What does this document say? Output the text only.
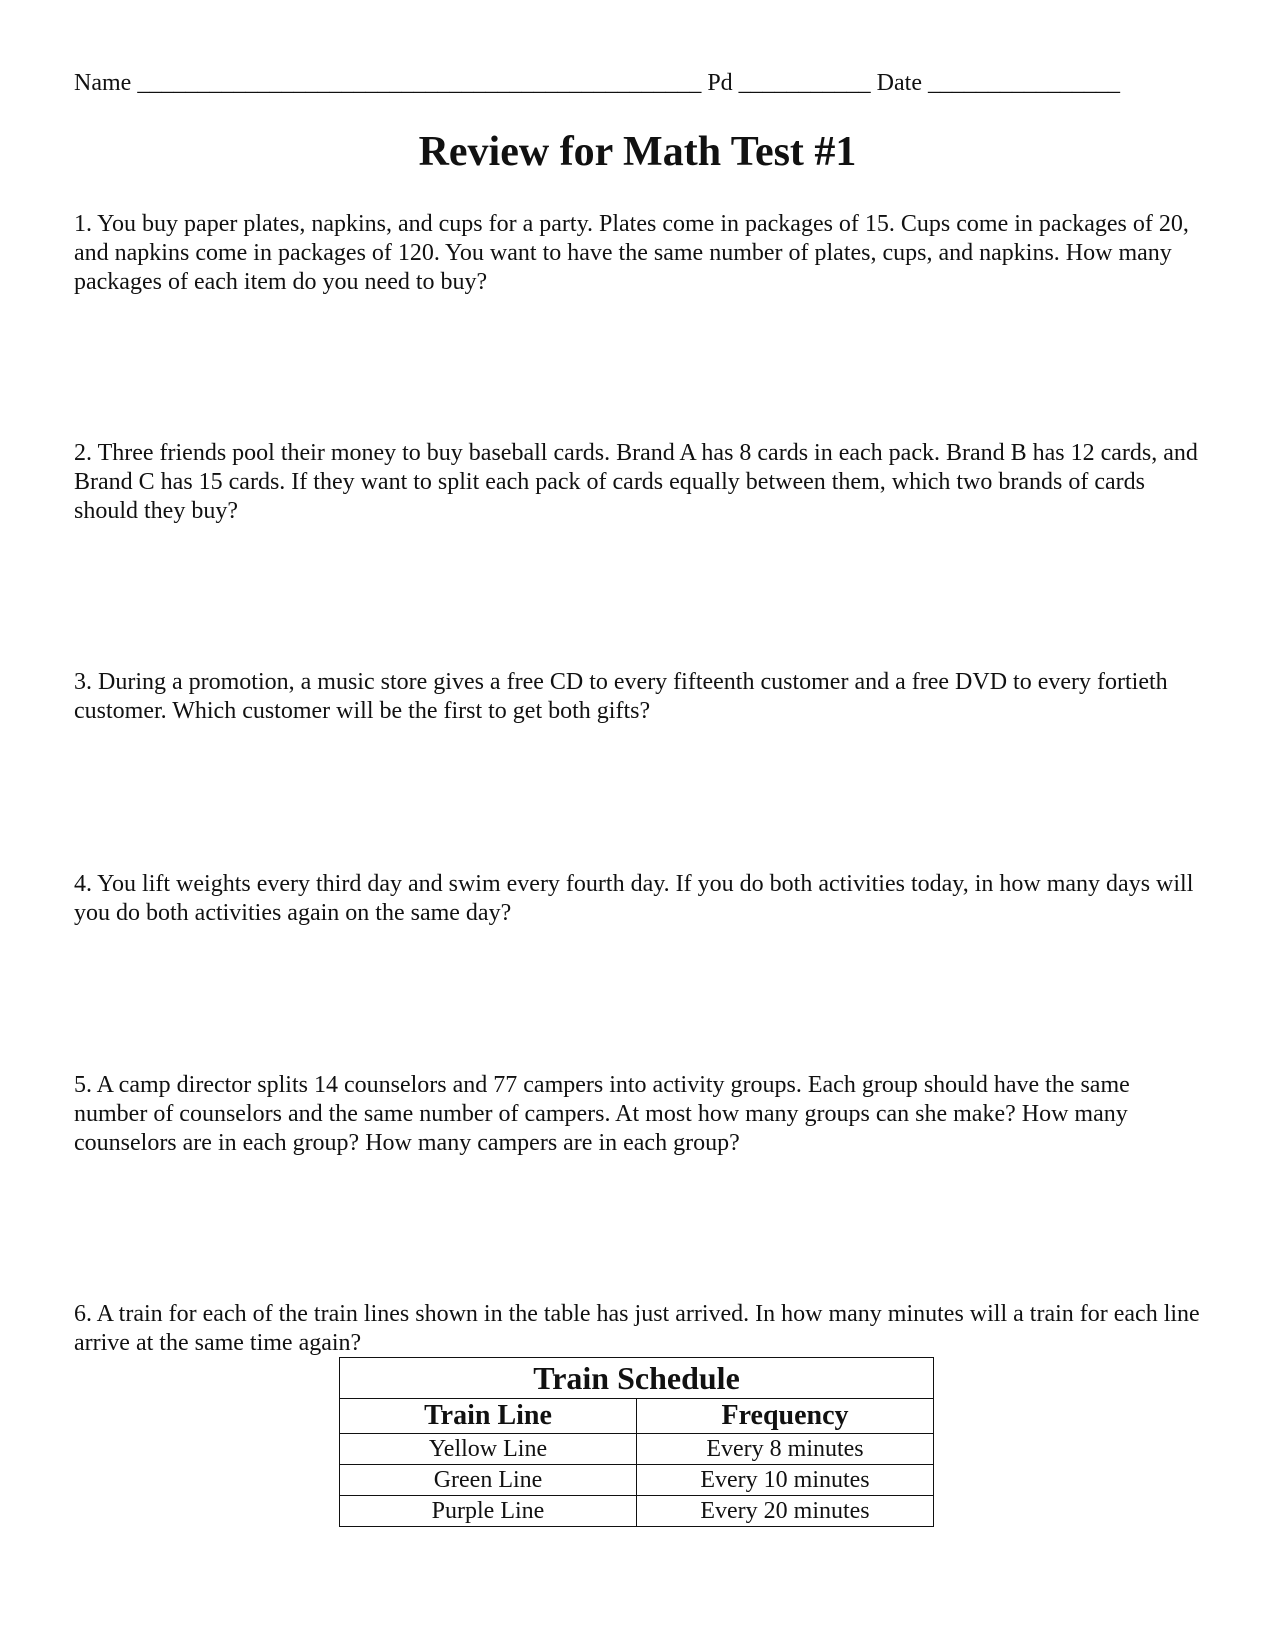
Name _______________________________________________ Pd ___________ Date ________________
Review for Math Test #1

1. You buy paper plates, napkins, and cups for a party. Plates come in packages of 15. Cups come in packages of 20, and napkins come in packages of 120. You want to have the same number of plates, cups, and napkins. How many packages of each item do you need to buy?

2. Three friends pool their money to buy baseball cards. Brand A has 8 cards in each pack. Brand B has 12 cards, and Brand C has 15 cards. If they want to split each pack of cards equally between them, which two brands of cards should they buy?

3. During a promotion, a music store gives a free CD to every fifteenth customer and a free DVD to every fortieth customer. Which customer will be the first to get both gifts?

4. You lift weights every third day and swim every fourth day. If you do both activities today, in how many days will you do both activities again on the same day?

5. A camp director splits 14 counselors and 77 campers into activity groups. Each group should have the same number of counselors and the same number of campers. At most how many groups can she make? How many counselors are in each group? How many campers are in each group?

6. A train for each of the train lines shown in the table has just arrived. In how many minutes will a train for each line arrive at the same time again?

Train Schedule	
Train Line	Frequency
Yellow Line	Every 8 minutes
Green Line	Every 10 minutes
Purple Line	Every 20 minutes
